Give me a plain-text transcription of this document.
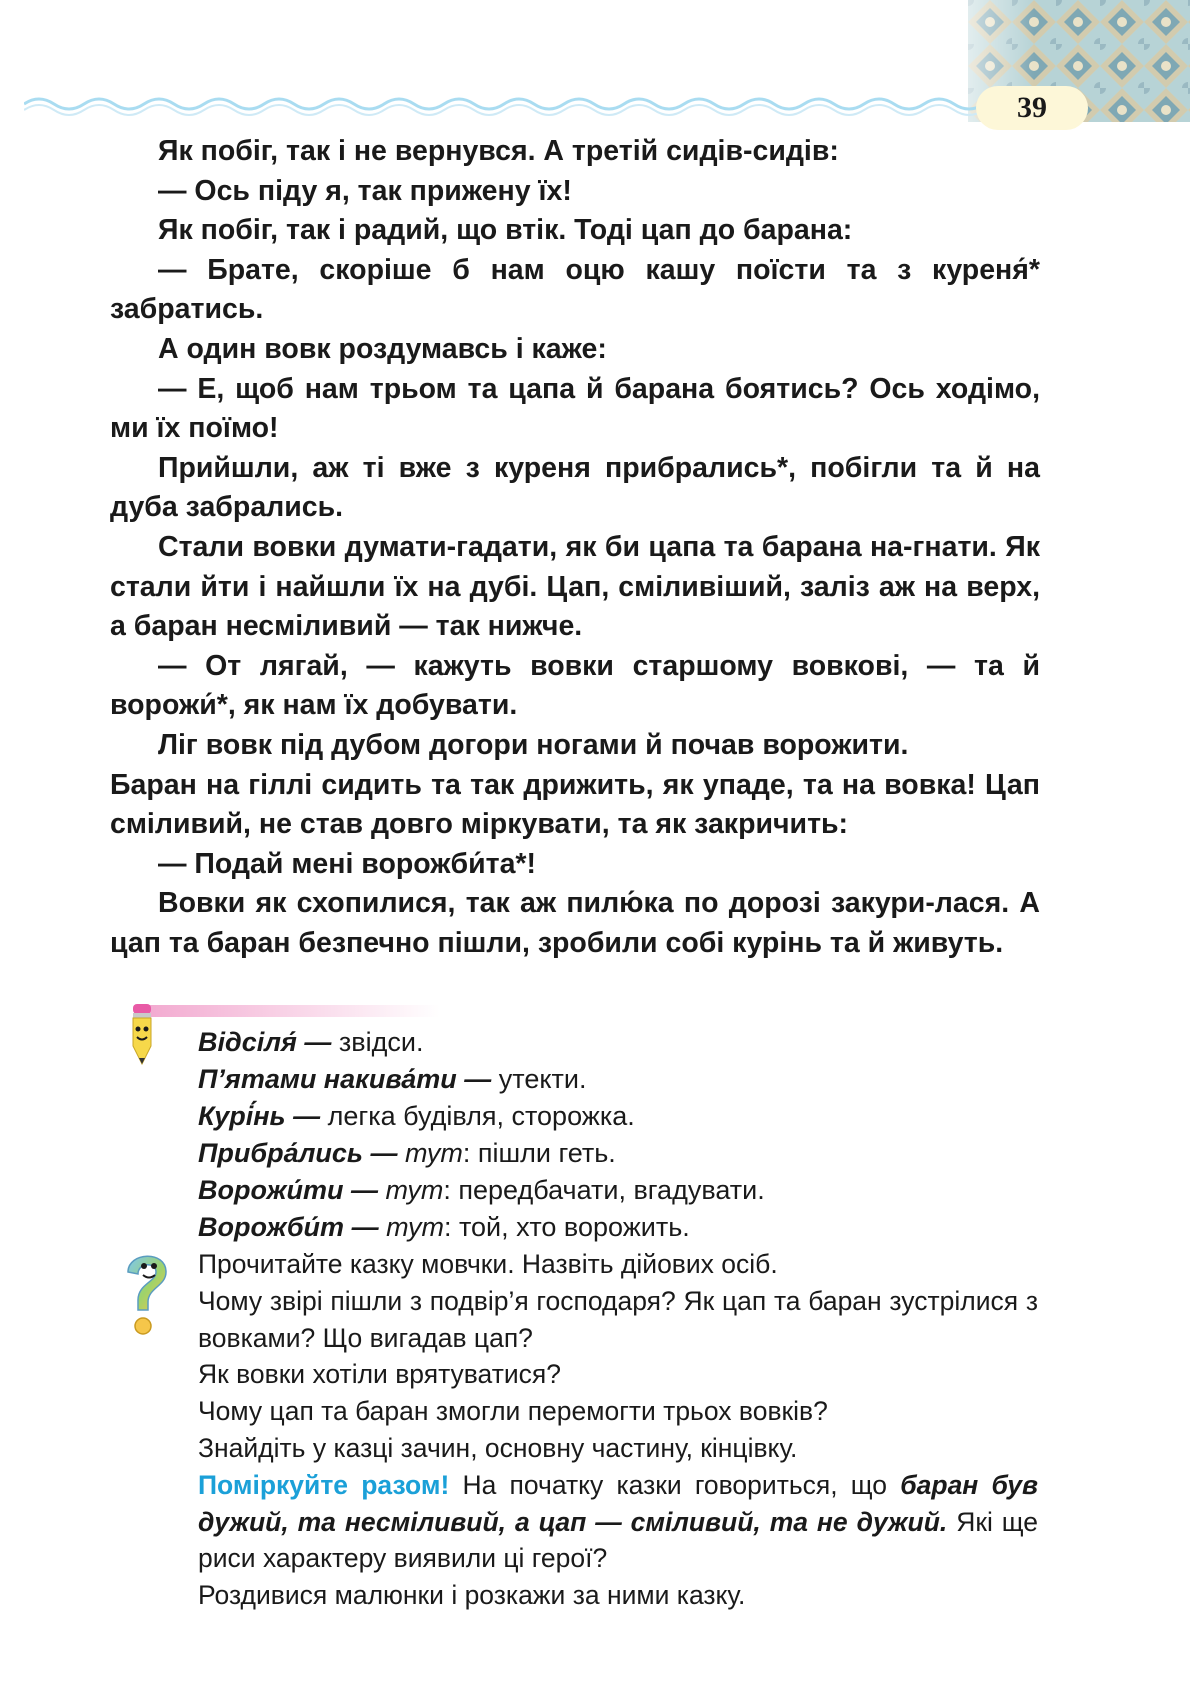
39

Як побіг, так і не вернувся. А третій сидів-сидів:

— Ось піду я, так прижену їх!

Як побіг, так і радий, що втік. Тоді цап до барана:

— Брате, скоріше б нам оцю кашу поїсти та з куреня́* забратись.

А один вовк роздумавсь і каже:

— Е, щоб нам трьом та цапа й барана боятись? Ось ходімо, ми їх поїмо!

Прийшли, аж ті вже з куреня прибрались*, побігли та й на дуба забрались.

Стали вовки думати-гадати, як би цапа та барана на-гнати. Як стали йти і найшли їх на дубі. Цап, сміливіший, заліз аж на верх, а баран несміливий — так нижче.

— От лягай, — кажуть вовки старшому вовкові, — та й ворожи́*, як нам їх добувати.

Ліг вовк під дубом догори ногами й почав ворожити.

Баран на гіллі сидить та так дрижить, як упаде, та на вовка! Цап сміливий, не став довго міркувати, та як закричить:

— Подай мені ворожби́та*!

Вовки як схопилися, так аж пилю́ка по дорозі закури-лася. А цап та баран безпечно пішли, зробили собі курінь та й живуть.

Відсіля́ — звідси.
П’ятами накива́ти — утекти.
Курі́нь — легка будівля, сторожка.
Прибра́лись — тут: пішли геть.
Ворожи́ти — тут: передбачати, вгадувати.
Ворожби́т — тут: той, хто ворожить.

Прочитайте казку мовчки. Назвіть дійових осіб.

Чому звірі пішли з подвір’я господаря? Як цап та баран зустрілися з вовками? Що вигадав цап?

Як вовки хотіли врятуватися?

Чому цап та баран змогли перемогти трьох вовків?

Знайдіть у казці зачин, основну частину, кінцівку.

Поміркуйте разом! На початку казки говориться, що баран був дужий, та несміливий, а цап — сміливий, та не дужий. Які ще риси характеру виявили ці герої?

Роздивися малюнки і розкажи за ними казку.
